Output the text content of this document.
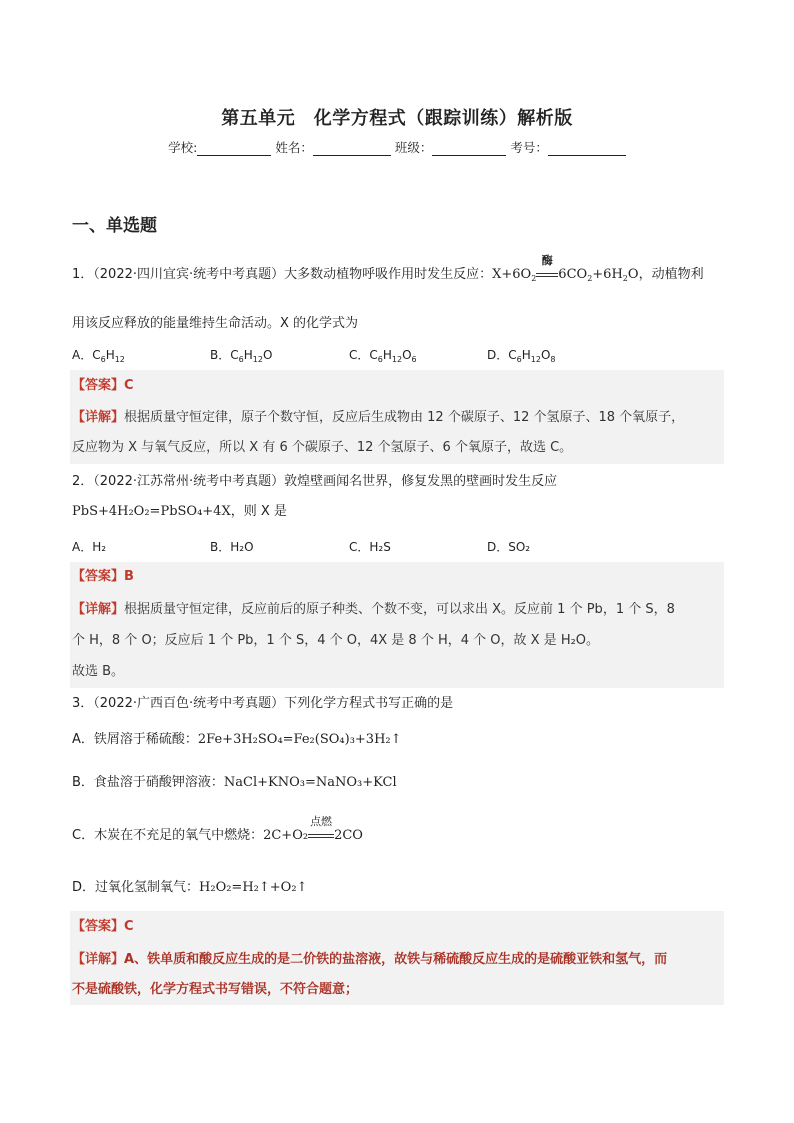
第五单元　化学方程式（跟踪训练）解析版
学校:	姓名：	班级：	考号：
一、单选题
1．（2022·四川宜宾·统考中考真题）大多数动植物呼吸作用时发生反应：$X+6O_2$
酶
$6CO_2+6H_2O$，动植物利
用该反应释放的能量维持生命活动。X 的化学式为
A．$C_6H_{12}$	B．$C_6H_{12}O$	C．$C_6H_{12}O_6$	D．$C_6H_{12}O_8$
【答案】C
【详解】根据质量守恒定律，原子个数守恒，反应后生成物由 12 个碳原子、12 个氢原子、18 个氧原子，
反应物为 X 与氧气反应，所以 X 有 6 个碳原子、12 个氢原子、6 个氧原子，故选 C。
2．（2022·江苏常州·统考中考真题）敦煌壁画闻名世界，修复发黑的壁画时发生反应
PbS+4H₂O₂=PbSO₄+4X，则 X 是
A．H₂	B．H₂O	C．H₂S	D．SO₂
【答案】B
【详解】根据质量守恒定律，反应前后的原子种类、个数不变，可以求出 X。反应前 1 个 Pb，1 个 S，8
个 H，8 个 O；反应后 1 个 Pb，1 个 S，4 个 O，4X 是 8 个 H，4 个 O，故 X 是 H₂O。
故选 B。
3．（2022·广西百色·统考中考真题）下列化学方程式书写正确的是
A．铁屑溶于稀硫酸：2Fe+3H₂SO₄=Fe₂(SO₄)₃+3H₂↑
B．食盐溶于硝酸钾溶液：NaCl+KNO₃=NaNO₃+KCl
C．木炭在不充足的氧气中燃烧：2C+O₂
点燃
2CO
D．过氧化氢制氧气：H₂O₂=H₂↑+O₂↑
【答案】C
【详解】A、铁单质和酸反应生成的是二价铁的盐溶液，故铁与稀硫酸反应生成的是硫酸亚铁和氢气，而
不是硫酸铁，化学方程式书写错误，不符合题意；
